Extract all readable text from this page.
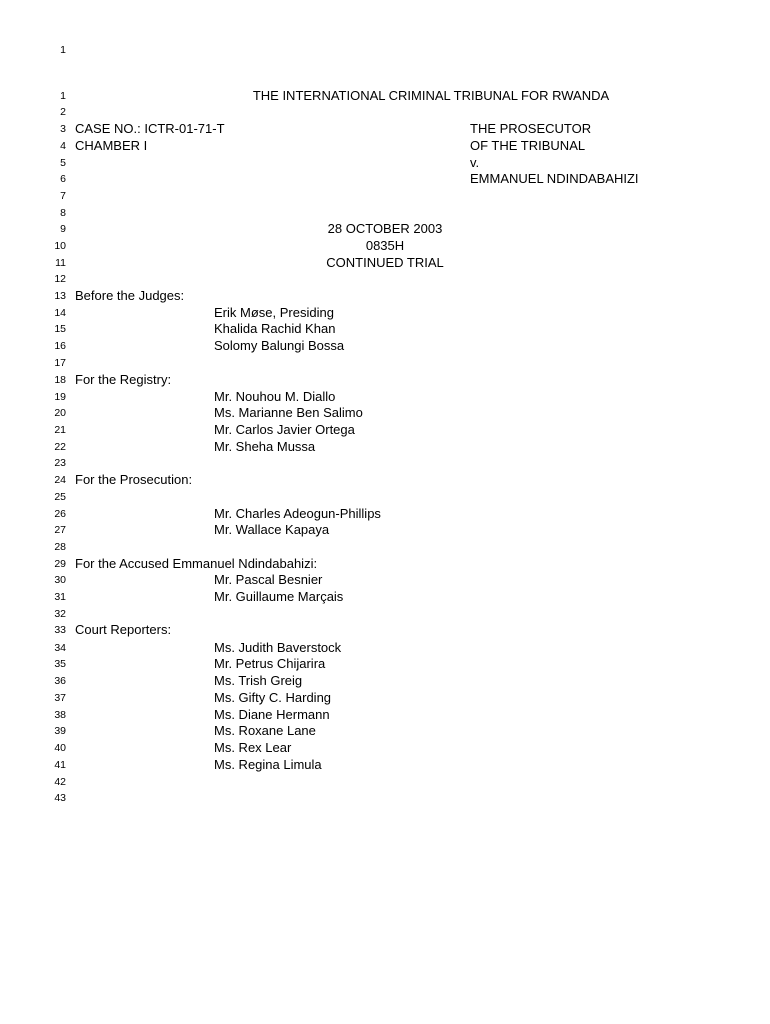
1
1	THE INTERNATIONAL CRIMINAL TRIBUNAL FOR RWANDA
2
3 CASE NO.: ICTR-01-71-T	THE PROSECUTOR
4 CHAMBER I	OF THE TRIBUNAL
5	v.
6	EMMANUEL NDINDABAHIZI
7
8
9	28 OCTOBER 2003
10	0835H
11	CONTINUED TRIAL
12
13 Before the Judges:
14	Erik Møse, Presiding
15	Khalida Rachid Khan
16	Solomy Balungi Bossa
17
18 For the Registry:
19	Mr. Nouhou M. Diallo
20	Ms. Marianne Ben Salimo
21	Mr. Carlos Javier Ortega
22	Mr. Sheha Mussa
23
24 For the Prosecution:
25
26	Mr. Charles Adeogun-Phillips
27	Mr. Wallace Kapaya
28
29 For the Accused Emmanuel Ndindabahizi:
30	Mr. Pascal Besnier
31	Mr. Guillaume Marçais
32
33 Court Reporters:
34	Ms. Judith Baverstock
35	Mr. Petrus Chijarira
36	Ms. Trish Greig
37	Ms. Gifty C. Harding
38	Ms. Diane Hermann
39	Ms. Roxane Lane
40	Ms. Rex Lear
41	Ms. Regina Limula
42
43
